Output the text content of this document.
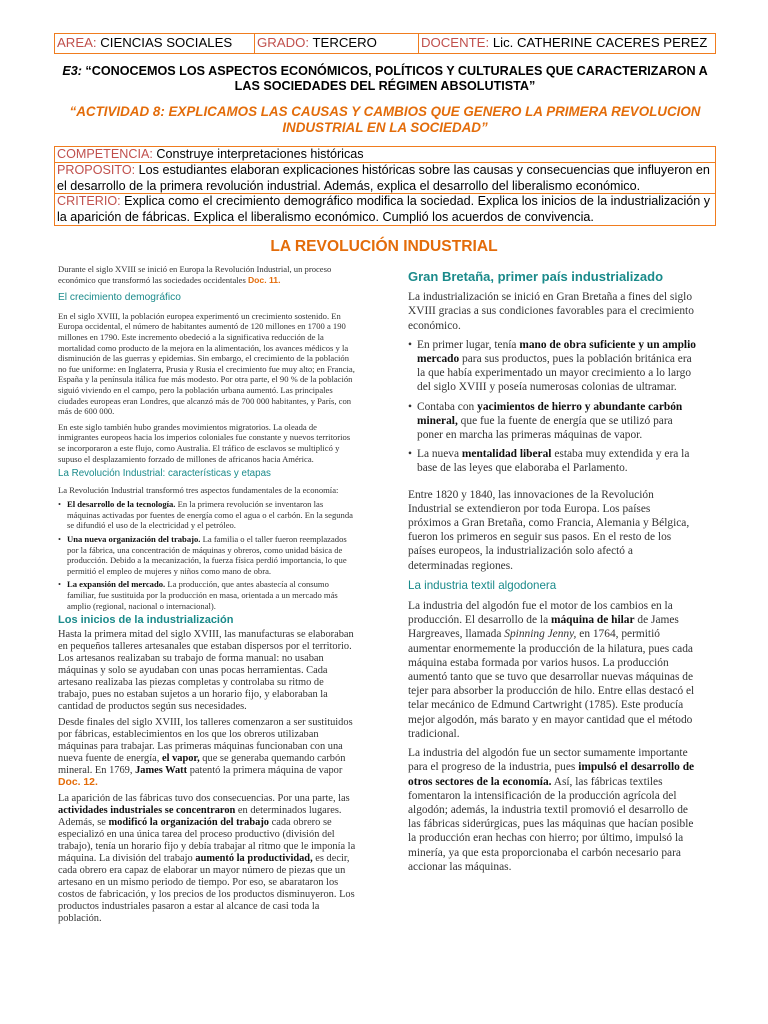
AREA: CIENCIAS SOCIALES	GRADO: TERCERO	DOCENTE: Lic. CATHERINE CACERES PEREZ
E3: “CONOCEMOS LOS ASPECTOS ECONÓMICOS, POLÍTICOS Y CULTURALES QUE CARACTERIZARON A LAS SOCIEDADES DEL RÉGIMEN ABSOLUTISTA”
“ACTIVIDAD 8: EXPLICAMOS LAS CAUSAS Y CAMBIOS QUE GENERO LA PRIMERA REVOLUCION INDUSTRIAL EN LA SOCIEDAD”
COMPETENCIA: Construye interpretaciones históricas
PROPOSITO: Los estudiantes elaboran explicaciones históricas sobre las causas y consecuencias que influyeron en el desarrollo de la primera revolución industrial. Además, explica el desarrollo del liberalismo económico.
CRITERIO: Explica como el crecimiento demográfico modifica la sociedad. Explica los inicios de la industrialización y la aparición de fábricas. Explica el liberalismo económico. Cumplió los acuerdos de convivencia.
LA REVOLUCIÓN INDUSTRIAL

Durante el siglo XVIII se inició en Europa la Revolución Industrial, un proceso económico que transformó las sociedades occidentales Doc. 11.

El crecimiento demográfico

En el siglo XVIII, la población europea experimentó un crecimiento sostenido. En Europa occidental, el número de habitantes aumentó de 120 millones en 1700 a 190 millones en 1790. Este incremento obedeció a la significativa reducción de la mortalidad como producto de la mejora en la alimentación, los avances médicos y la disminución de las guerras y epidemias. Sin embargo, el crecimiento de la población no fue uniforme: en Inglaterra, Prusia y Rusia el crecimiento fue muy alto; en Francia, España y la península itálica fue más modesto. Por otra parte, el 90 % de la población siguió viviendo en el campo, pero la población urbana aumentó. Las principales ciudades europeas eran Londres, que alcanzó más de 700 000 habitantes, y París, con más de 600 000.

En este siglo también hubo grandes movimientos migratorios. La oleada de inmigrantes europeos hacia los imperios coloniales fue constante y nuevos territorios se incorporaron a este flujo, como Australia. El tráfico de esclavos se multiplicó y supuso el desplazamiento forzado de millones de africanos hacia América.

La Revolución Industrial: características y etapas

La Revolución Industrial transformó tres aspectos fundamentales de la economía:

• El desarrollo de la tecnología. En la primera revolución se inventaron las máquinas activadas por fuentes de energía como el agua o el carbón. En la segunda se difundió el uso de la electricidad y el petróleo.

• Una nueva organización del trabajo. La familia o el taller fueron reemplazados por la fábrica, una concentración de máquinas y obreros, como unidad básica de producción. Debido a la mecanización, la fuerza física perdió importancia, lo que permitió el empleo de mujeres y niños como mano de obra.

• La expansión del mercado. La producción, que antes abastecía al consumo familiar, fue sustituida por la producción en masa, orientada a un mercado más amplio (regional, nacional o internacional).

Los inicios de la industrialización

Hasta la primera mitad del siglo XVIII, las manufacturas se elaboraban en pequeños talleres artesanales que estaban dispersos por el territorio. Los artesanos realizaban su trabajo de forma manual: no usaban máquinas y solo se ayudaban con unas pocas herramientas. Cada artesano realizaba las piezas completas y controlaba su ritmo de trabajo, pues no estaban sujetos a un horario fijo, y elaboraban la cantidad de productos según sus necesidades.

Desde finales del siglo XVIII, los talleres comenzaron a ser sustituidos por fábricas, establecimientos en los que los obreros utilizaban máquinas para trabajar. Las primeras máquinas funcionaban con una nueva fuente de energía, el vapor, que se generaba quemando carbón mineral. En 1769, James Watt patentó la primera máquina de vapor Doc. 12.

La aparición de las fábricas tuvo dos consecuencias. Por una parte, las actividades industriales se concentraron en determinados lugares. Además, se modificó la organización del trabajo cada obrero se especializó en una única tarea del proceso productivo (división del trabajo), tenía un horario fijo y debía trabajar al ritmo que le imponía la máquina. La división del trabajo aumentó la productividad, es decir, cada obrero era capaz de elaborar un mayor número de piezas que un artesano en un mismo periodo de tiempo. Por eso, se abarataron los costos de fabricación, y los precios de los productos disminuyeron. Los productos industriales pasaron a estar al alcance de casi toda la población.

Gran Bretaña, primer país industrializado

La industrialización se inició en Gran Bretaña a fines del siglo XVIII gracias a sus condiciones favorables para el crecimiento económico.

• En primer lugar, tenía mano de obra suficiente y un amplio mercado para sus productos, pues la población británica era la que había experimentado un mayor crecimiento a lo largo del siglo XVIII y poseía numerosas colonias de ultramar.

• Contaba con yacimientos de hierro y abundante carbón mineral, que fue la fuente de energía que se utilizó para poner en marcha las primeras máquinas de vapor.

• La nueva mentalidad liberal estaba muy extendida y era la base de las leyes que elaboraba el Parlamento.

Entre 1820 y 1840, las innovaciones de la Revolución Industrial se extendieron por toda Europa. Los países próximos a Gran Bretaña, como Francia, Alemania y Bélgica, fueron los primeros en seguir sus pasos. En el resto de los países europeos, la industrialización solo afectó a determinadas regiones.

La industria textil algodonera

La industria del algodón fue el motor de los cambios en la producción. El desarrollo de la máquina de hilar de James Hargreaves, llamada Spinning Jenny, en 1764, permitió aumentar enormemente la producción de la hilatura, pues cada máquina estaba formada por varios husos. La producción aumentó tanto que se tuvo que desarrollar nuevas máquinas de tejer para absorber la producción de hilo. Entre ellas destacó el telar mecánico de Edmund Cartwright (1785). Este producía mejor algodón, más barato y en mayor cantidad que el método tradicional.

La industria del algodón fue un sector sumamente importante para el progreso de la industria, pues impulsó el desarrollo de otros sectores de la economía. Así, las fábricas textiles fomentaron la intensificación de la producción agrícola del algodón; además, la industria textil promovió el desarrollo de las fábricas siderúrgicas, pues las máquinas que hacían posible la producción eran hechas con hierro; por último, impulsó la minería, ya que esta proporcionaba el carbón necesario para accionar las máquinas.
